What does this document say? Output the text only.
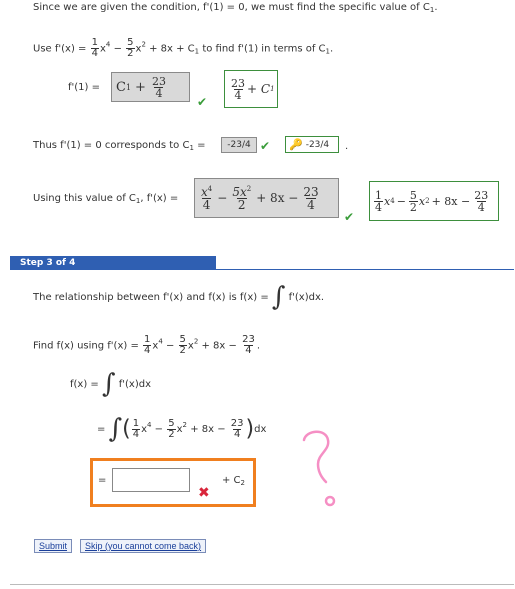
Since we are given the condition, f'(1) = 0, we must find the specific value of $C_1$.
Use $f'(x) = \frac{1}{4} x^4 - \frac{5}{2} x^2 + 8x + C_1$ to find f'(1) in terms of $C_1$.
f'(1) = C $1 + \frac{23}{4}$
✔
$\frac{23}{4} + C$ 1
Thus f'(1) = 0 corresponds to $C_1 = -23/4$ ✔ 🔑 -23/4 .
Using this value of $C_1$, $f'(x) = \frac{x^4}{4} - \frac{5x^2}{2} + 8x - \frac{23}{4}$
✔
$\frac{1}{4}$ x $4 - \frac{5}{2}$ x $2 + 8x - \frac{23}{4}$
Step 3 of 4
The relationship between f'(x) and f(x) is f(x) = ∫ f'(x)dx.
Find f(x) using $f'(x) = \frac{1}{4} x^4 - \frac{5}{2} x^2 + 8x - \frac{23}{4}$ .
f(x) = ∫ f'(x)dx
= ∫( $\frac{1}{4} x^4 - \frac{5}{2} x^2 + 8x - \frac{23}{4} )dx$
=
✖
+ $C_2$
Submit	Skip (you cannot come back)
